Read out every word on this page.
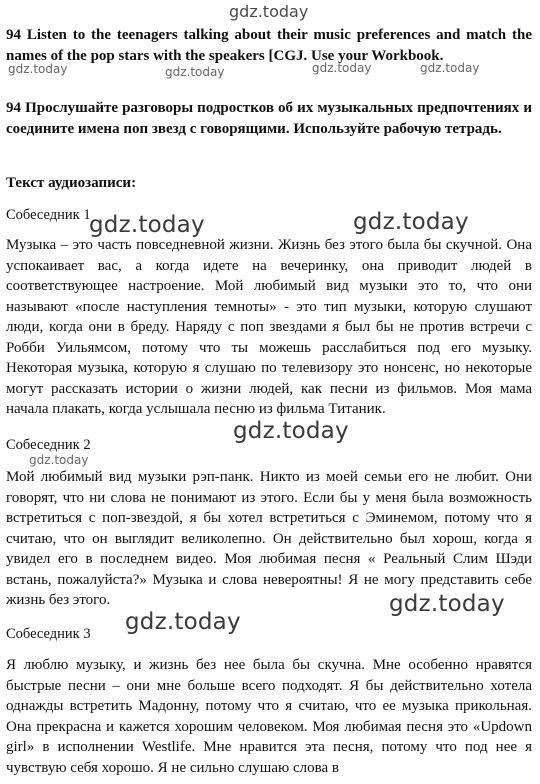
gdz.today
gdz.today	gdz.today	gdz.today	gdz.today
gdz.today	gdz.today
gdz.today
gdz.today
gdz.today
gdz.today

94 Listen to the teenagers talking about their music preferences and match the names of the pop stars with the speakers [CGJ. Use your Workbook.

94 Прослушайте разговоры подростков об их музыкальных предпочтениях и соедините имена поп звезд с говорящими. Используйте рабочую тетрадь.

Текст аудиозаписи:

Собеседник 1

Музыка – это часть повседневной жизни. Жизнь без этого была бы скучной. Она успокаивает вас, а когда идете на вечеринку, она приводит людей в соответствующее настроение. Мой любимый вид музыки это то, что они называют «после наступления темноты» - это тип музыки, которую слушают люди, когда они в бреду. Наряду с поп звездами я был бы не против встречи с Робби Уильямсом, потому что ты можешь расслабиться под его музыку. Некоторая музыка, которую я слушаю по телевизору это нонсенс, но некоторые могут рассказать истории о жизни людей, как песни из фильмов. Моя мама начала плакать, когда услышала песню из фильма Титаник.

Собеседник 2

Мой любимый вид музыки рэп-панк. Никто из моей семьи его не любит. Они говорят, что ни слова не понимают из этого. Если бы у меня была возможность встретиться с поп-звездой, я бы хотел встретиться с Эминемом, потому что я считаю, что он выглядит великолепно. Он действительно был хорош, когда я увидел его в последнем видео. Моя любимая песня « Реальный Слим Шэди встань, пожалуйста?» Музыка и слова невероятны! Я не могу представить себе жизнь без этого.

Собеседник 3

Я люблю музыку, и жизнь без нее была бы скучна. Мне особенно нравятся быстрые песни – они мне больше всего подходят. Я бы действительно хотела однажды встретить Мадонну, потому что я считаю, что ее музыка прикольная. Она прекрасна и кажется хорошим человеком. Моя любимая песня это «Updown girl» в исполнении Westlife. Мне нравится эта песня, потому что под нее я чувствую себя хорошо. Я не сильно слушаю слова в
